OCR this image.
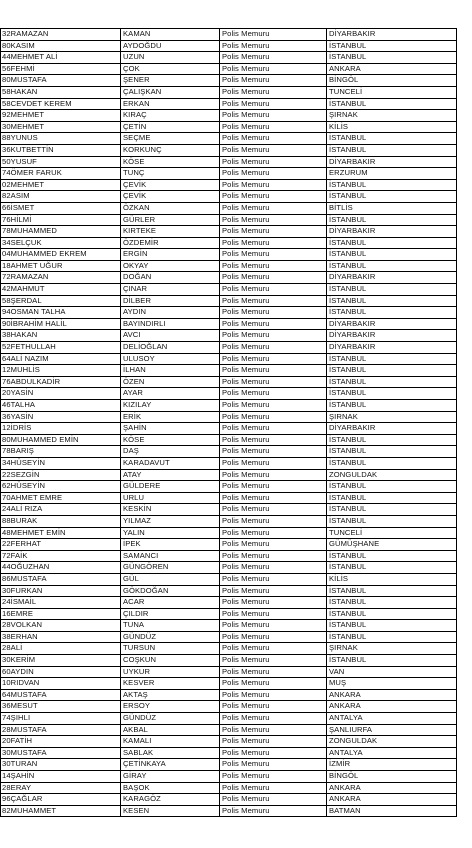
32RAMAZAN	KAMAN	Polis Memuru	DİYARBAKIR
80KASIM	AYDOĞDU	Polis Memuru	İSTANBUL
44MEHMET ALİ	UZUN	Polis Memuru	İSTANBUL
56FEHMİ	ÇOK	Polis Memuru	ANKARA
80MUSTAFA	ŞENER	Polis Memuru	BİNGÖL
58HAKAN	ÇALIŞKAN	Polis Memuru	TUNCELİ
58CEVDET KEREM	ERKAN	Polis Memuru	İSTANBUL
92MEHMET	KIRAÇ	Polis Memuru	ŞIRNAK
30MEHMET	ÇETİN	Polis Memuru	KİLİS
88YUNUS	SEÇME	Polis Memuru	İSTANBUL
36KUTBETTİN	KORKUNÇ	Polis Memuru	İSTANBUL
50YUSUF	KÖSE	Polis Memuru	DİYARBAKIR
74ÖMER FARUK	TUNÇ	Polis Memuru	ERZURUM
02MEHMET	ÇEVİK	Polis Memuru	İSTANBUL
82ASIM	ÇEVİK	Polis Memuru	İSTANBUL
66İSMET	ÖZKAN	Polis Memuru	BİTLİS
76HİLMİ	GÜRLER	Polis Memuru	İSTANBUL
78MUHAMMED	KIRTEKE	Polis Memuru	DİYARBAKIR
34SELÇUK	ÖZDEMİR	Polis Memuru	İSTANBUL
04MUHAMMED EKREM	ERGİN	Polis Memuru	İSTANBUL
18AHMET UĞUR	OKYAY	Polis Memuru	İSTANBUL
72RAMAZAN	DOĞAN	Polis Memuru	DİYARBAKIR
42MAHMUT	ÇINAR	Polis Memuru	İSTANBUL
58ŞERDAL	DİLBER	Polis Memuru	İSTANBUL
94OSMAN TALHA	AYDIN	Polis Memuru	İSTANBUL
90İBRAHİM HALİL	BAYINDIRLI	Polis Memuru	DİYARBAKIR
38HAKAN	AVCI	Polis Memuru	DİYARBAKIR
52FETHULLAH	DELİOĞLAN	Polis Memuru	DİYARBAKIR
64ALİ NAZIM	ULUSOY	Polis Memuru	İSTANBUL
12MUHLİS	İLHAN	Polis Memuru	İSTANBUL
76ABDULKADİR	ÖZEN	Polis Memuru	İSTANBUL
20YASİN	AYAR	Polis Memuru	İSTANBUL
46TALHA	KIZILAY	Polis Memuru	İSTANBUL
36YASİN	ERİK	Polis Memuru	ŞIRNAK
12İDRİS	ŞAHİN	Polis Memuru	DİYARBAKIR
80MUHAMMED EMİN	KÖSE	Polis Memuru	İSTANBUL
78BARIŞ	DAŞ	Polis Memuru	İSTANBUL
34HÜSEYİN	KARADAVUT	Polis Memuru	İSTANBUL
22SEZGİN	ATAY	Polis Memuru	ZONGULDAK
62HÜSEYİN	GÜLDERE	Polis Memuru	İSTANBUL
70AHMET EMRE	URLU	Polis Memuru	İSTANBUL
24ALİ RIZA	KESKİN	Polis Memuru	İSTANBUL
88BURAK	YILMAZ	Polis Memuru	İSTANBUL
48MEHMET EMİN	YALIN	Polis Memuru	TUNCELİ
22FERHAT	İPEK	Polis Memuru	GÜMÜŞHANE
72FAİK	SAMANCI	Polis Memuru	İSTANBUL
44OĞUZHAN	GÜNGÖREN	Polis Memuru	İSTANBUL
86MUSTAFA	GÜL	Polis Memuru	KİLİS
30FURKAN	GÖKDOĞAN	Polis Memuru	İSTANBUL
24İSMAİL	ACAR	Polis Memuru	İSTANBUL
16EMRE	ÇILDIR	Polis Memuru	İSTANBUL
28VOLKAN	TUNA	Polis Memuru	İSTANBUL
38ERHAN	GÜNDÜZ	Polis Memuru	İSTANBUL
28ALİ	TURSUN	Polis Memuru	ŞIRNAK
30KERİM	COŞKUN	Polis Memuru	İSTANBUL
60AYDIN	UYKUR	Polis Memuru	VAN
10RIDVAN	KESVER	Polis Memuru	MUŞ
64MUSTAFA	AKTAŞ	Polis Memuru	ANKARA
36MESUT	ERSOY	Polis Memuru	ANKARA
74ŞIHLI	GÜNDÜZ	Polis Memuru	ANTALYA
28MUSTAFA	AKBAL	Polis Memuru	ŞANLIURFA
20FATİH	KAMALI	Polis Memuru	ZONGULDAK
30MUSTAFA	SABLAK	Polis Memuru	ANTALYA
30TURAN	ÇETİNKAYA	Polis Memuru	İZMİR
14ŞAHİN	GİRAY	Polis Memuru	BİNGÖL
28ERAY	BAŞOK	Polis Memuru	ANKARA
96ÇAĞLAR	KARAGÖZ	Polis Memuru	ANKARA
82MUHAMMET	KESEN	Polis Memuru	BATMAN
